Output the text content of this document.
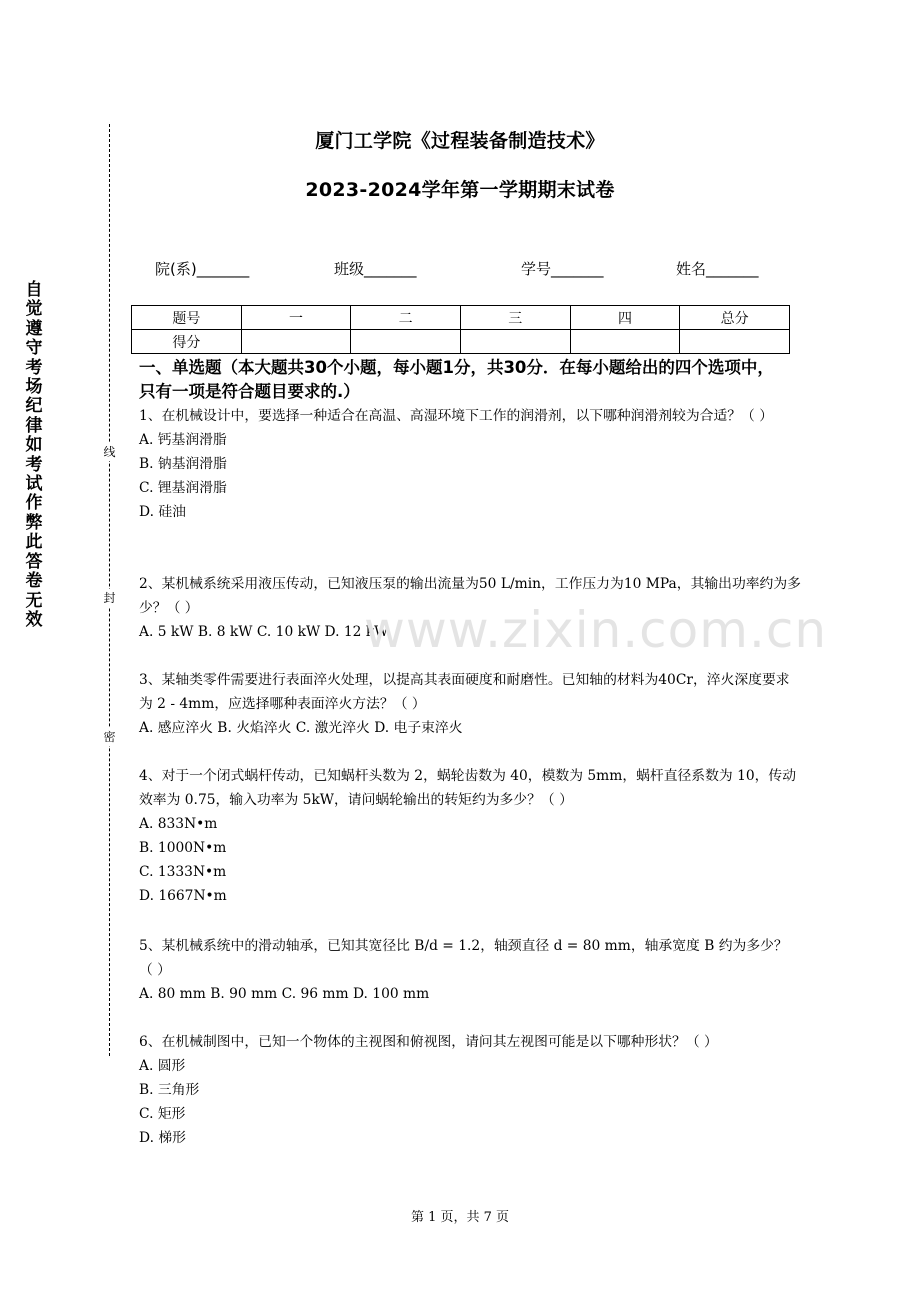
自觉遵守考场纪律如考试作弊此答卷无效
线
封
密
厦门工学院《过程装备制造技术》
2023-2024学年第一学期期末试卷
院(系)_______	班级_______	学号_______	姓名_______
题号	一	二	三	四	总分
得分					
一、单选题（本大题共30个小题，每小题1分，共30分．在每小题给出的四个选项中，只有一项是符合题目要求的.）
1、在机械设计中，要选择一种适合在高温、高湿环境下工作的润滑剂，以下哪种润滑剂较为合适？（ ）
A. 钙基润滑脂
B. 钠基润滑脂
C. 锂基润滑脂
D. 硅油
2、某机械系统采用液压传动，已知液压泵的输出流量为50 L/min，工作压力为10 MPa，其输出功率约为多少？（ ）
A. 5 kW B. 8 kW C. 10 kW D. 12 kW
3、某轴类零件需要进行表面淬火处理，以提高其表面硬度和耐磨性。已知轴的材料为40Cr，淬火深度要求为 2 - 4mm，应选择哪种表面淬火方法？（ ）
A. 感应淬火 B. 火焰淬火 C. 激光淬火 D. 电子束淬火
4、对于一个闭式蜗杆传动，已知蜗杆头数为 2，蜗轮齿数为 40，模数为 5mm，蜗杆直径系数为 10，传动效率为 0.75，输入功率为 5kW，请问蜗轮输出的转矩约为多少？（ ）
A. 833N•m
B. 1000N•m
C. 1333N•m
D. 1667N•m
5、某机械系统中的滑动轴承，已知其宽径比 B/d = 1.2，轴颈直径 d = 80 mm，轴承宽度 B 约为多少？（ ）
A. 80 mm B. 90 mm C. 96 mm D. 100 mm
6、在机械制图中，已知一个物体的主视图和俯视图，请问其左视图可能是以下哪种形状？（ ）
A. 圆形
B. 三角形
C. 矩形
D. 梯形
www.zixin.com.cn
第 1 页，共 7 页
